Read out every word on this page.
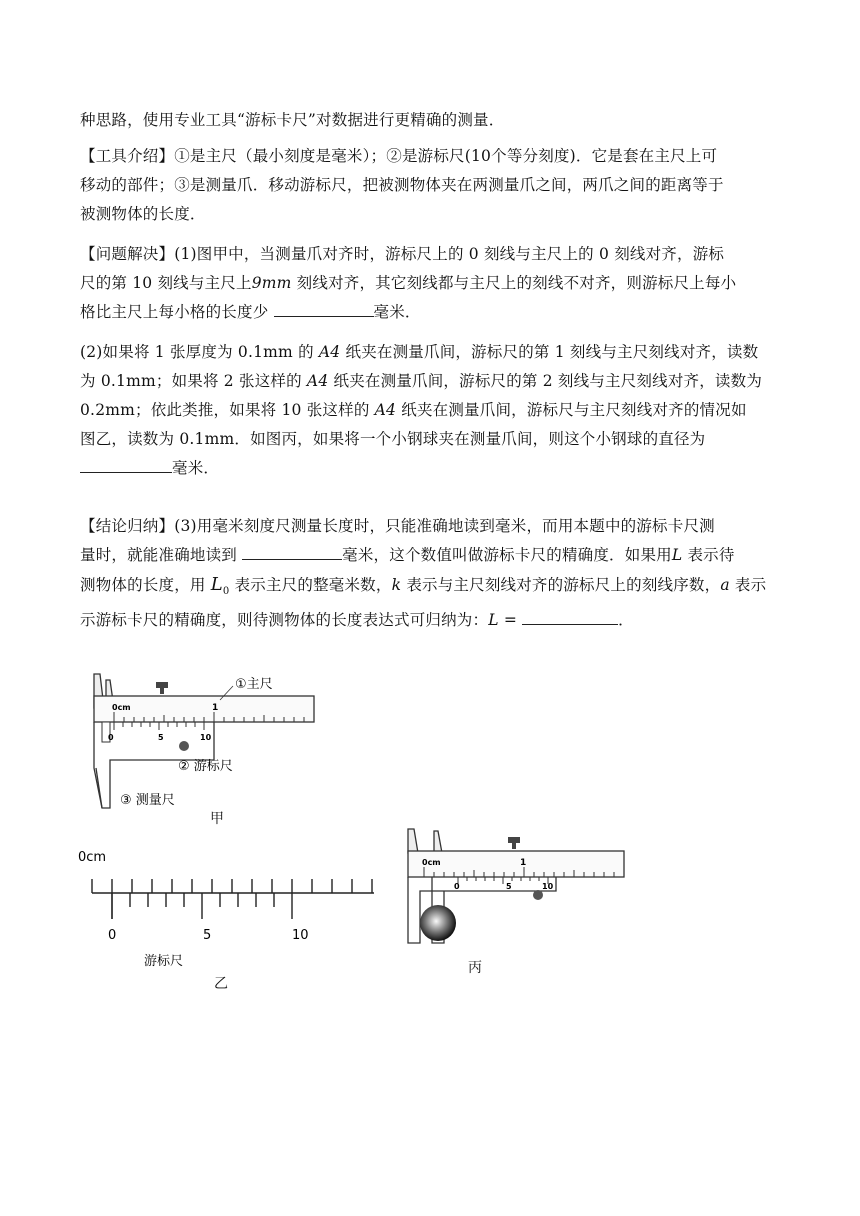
种思路，使用专业工具“游标卡尺”对数据进行更精确的测量．
【工具介绍】①是主尺（最小刻度是毫米）；②是游标尺(10个等分刻度)．它是套在主尺上可
移动的部件；③是测量爪．移动游标尺，把被测物体夹在两测量爪之间，两爪之间的距离等于
被测物体的长度．
【问题解决】(1)图甲中，当测量爪对齐时，游标尺上的 0 刻线与主尺上的 0 刻线对齐，游标
尺的第 10 刻线与主尺上9mm 刻线对齐，其它刻线都与主尺上的刻线不对齐，则游标尺上每小
格比主尺上每小格的长度少	毫米．
(2)如果将 1 张厚度为 0.1mm 的 A4 纸夹在测量爪间，游标尺的第 1 刻线与主尺刻线对齐，读数
为 0.1mm；如果将 2 张这样的 A4 纸夹在测量爪间，游标尺的第 2 刻线与主尺刻线对齐，读数为
0.2mm；依此类推，如果将 10 张这样的 A4 纸夹在测量爪间，游标尺与主尺刻线对齐的情况如
图乙，读数为 0.1mm．如图丙，如果将一个小钢球夹在测量爪间，则这个小钢球的直径为
毫米．
【结论归纳】(3)用毫米刻度尺测量长度时，只能准确地读到毫米，而用本题中的游标卡尺测
量时，就能准确地读到	毫米，这个数值叫做游标卡尺的精确度．如果用L 表示待
测物体的长度，用 $L_0$ 表示主尺的整毫米数，k 表示与主尺刻线对齐的游标尺上的刻线序数，a 表示
示游标卡尺的精确度，则待测物体的长度表达式可归纳为：L =	．
0cm	1
0	5	10
①主尺
② 游标尺
③ 测量尺
甲
0cm
0	5	10
游标尺
乙
0cm	1
0	5	10
丙
